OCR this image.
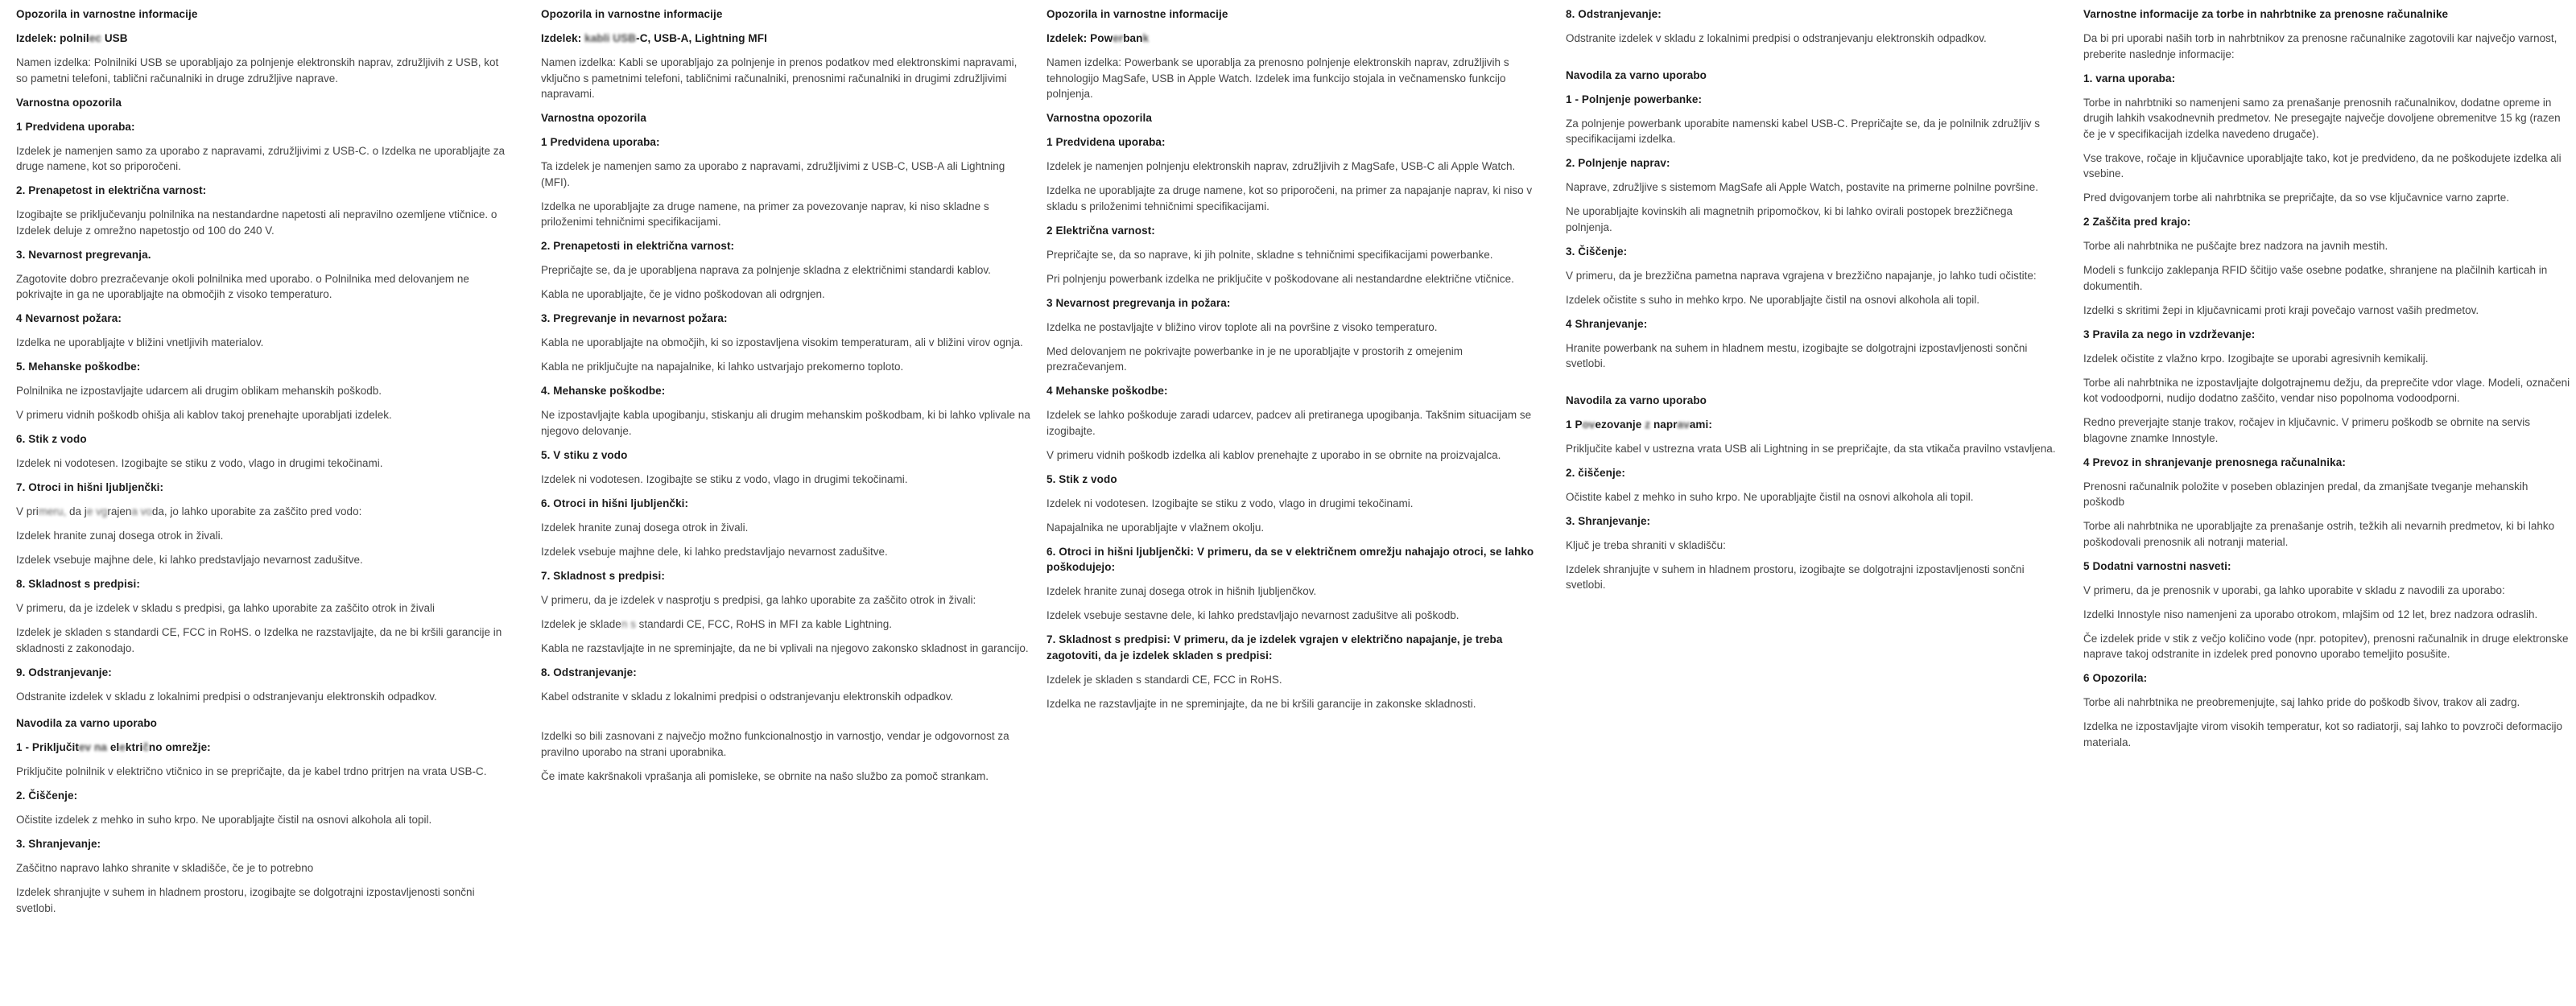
Opozorila in varnostne informacije

Izdelek: polnilec USB

Namen izdelka: Polnilniki USB se uporabljajo za polnjenje elektronskih naprav, združljivih z USB, kot so pametni telefoni, tablični računalniki in druge združljive naprave.

Varnostna opozorila

1 Predvidena uporaba:

Izdelek je namenjen samo za uporabo z napravami, združljivimi z USB-C. o Izdelka ne uporabljajte za druge namene, kot so priporočeni.

2. Prenapetost in električna varnost:

Izogibajte se priključevanju polnilnika na nestandardne napetosti ali nepravilno ozemljene vtičnice. o Izdelek deluje z omrežno napetostjo od 100 do 240 V.

3. Nevarnost pregrevanja.

Zagotovite dobro prezračevanje okoli polnilnika med uporabo. o Polnilnika med delovanjem ne pokrivajte in ga ne uporabljajte na območjih z visoko temperaturo.

4 Nevarnost požara:

Izdelka ne uporabljajte v bližini vnetljivih materialov.

5. Mehanske poškodbe:

Polnilnika ne izpostavljajte udarcem ali drugim oblikam mehanskih poškodb.

V primeru vidnih poškodb ohišja ali kablov takoj prenehajte uporabljati izdelek.

6. Stik z vodo

Izdelek ni vodotesen. Izogibajte se stiku z vodo, vlago in drugimi tekočinami.

7. Otroci in hišni ljubljenčki:

V primeru, da je vgrajena voda, jo lahko uporabite za zaščito pred vodo:

Izdelek hranite zunaj dosega otrok in živali.

Izdelek vsebuje majhne dele, ki lahko predstavljajo nevarnost zadušitve.

8. Skladnost s predpisi:

V primeru, da je izdelek v skladu s predpisi, ga lahko uporabite za zaščito otrok in živali

Izdelek je skladen s standardi CE, FCC in RoHS. o Izdelka ne razstavljajte, da ne bi kršili garancije in skladnosti z zakonodajo.

9. Odstranjevanje:

Odstranite izdelek v skladu z lokalnimi predpisi o odstranjevanju elektronskih odpadkov.

Navodila za varno uporabo

1 - Priključitev na električno omrežje:

Priključite polnilnik v električno vtičnico in se prepričajte, da je kabel trdno pritrjen na vrata USB-C.

2. Čiščenje:

Očistite izdelek z mehko in suho krpo. Ne uporabljajte čistil na osnovi alkohola ali topil.

3. Shranjevanje:

Zaščitno napravo lahko shranite v skladišče, če je to potrebno

Izdelek shranjujte v suhem in hladnem prostoru, izogibajte se dolgotrajni izpostavljenosti sončni svetlobi.

Opozorila in varnostne informacije

Izdelek: kabli USB-C, USB-A, Lightning MFI

Namen izdelka: Kabli se uporabljajo za polnjenje in prenos podatkov med elektronskimi napravami, vključno s pametnimi telefoni, tabličnimi računalniki, prenosnimi računalniki in drugimi združljivimi napravami.

Varnostna opozorila

1 Predvidena uporaba:

Ta izdelek je namenjen samo za uporabo z napravami, združljivimi z USB-C, USB-A ali Lightning (MFI).

Izdelka ne uporabljajte za druge namene, na primer za povezovanje naprav, ki niso skladne s priloženimi tehničnimi specifikacijami.

2. Prenapetosti in električna varnost:

Prepričajte se, da je uporabljena naprava za polnjenje skladna z električnimi standardi kablov.

Kabla ne uporabljajte, če je vidno poškodovan ali odrgnjen.

3. Pregrevanje in nevarnost požara:

Kabla ne uporabljajte na območjih, ki so izpostavljena visokim temperaturam, ali v bližini virov ognja.

Kabla ne priključujte na napajalnike, ki lahko ustvarjajo prekomerno toploto.

4. Mehanske poškodbe:

Ne izpostavljajte kabla upogibanju, stiskanju ali drugim mehanskim poškodbam, ki bi lahko vplivale na njegovo delovanje.

5. V stiku z vodo

Izdelek ni vodotesen. Izogibajte se stiku z vodo, vlago in drugimi tekočinami.

6. Otroci in hišni ljubljenčki:

Izdelek hranite zunaj dosega otrok in živali.

Izdelek vsebuje majhne dele, ki lahko predstavljajo nevarnost zadušitve.

7. Skladnost s predpisi:

V primeru, da je izdelek v nasprotju s predpisi, ga lahko uporabite za zaščito otrok in živali:

Izdelek je skladen s standardi CE, FCC, RoHS in MFI za kable Lightning.

Kabla ne razstavljajte in ne spreminjajte, da ne bi vplivali na njegovo zakonsko skladnost in garancijo.

8. Odstranjevanje:

Kabel odstranite v skladu z lokalnimi predpisi o odstranjevanju elektronskih odpadkov.

Izdelki so bili zasnovani z največjo možno funkcionalnostjo in varnostjo, vendar je odgovornost za pravilno uporabo na strani uporabnika.

Če imate kakršnakoli vprašanja ali pomisleke, se obrnite na našo službo za pomoč strankam.

Opozorila in varnostne informacije

Izdelek: Powerbank

Namen izdelka: Powerbank se uporablja za prenosno polnjenje elektronskih naprav, združljivih s tehnologijo MagSafe, USB in Apple Watch. Izdelek ima funkcijo stojala in večnamensko funkcijo polnjenja.

Varnostna opozorila

1 Predvidena uporaba:

Izdelek je namenjen polnjenju elektronskih naprav, združljivih z MagSafe, USB-C ali Apple Watch.

Izdelka ne uporabljajte za druge namene, kot so priporočeni, na primer za napajanje naprav, ki niso v skladu s priloženimi tehničnimi specifikacijami.

2 Električna varnost:

Prepričajte se, da so naprave, ki jih polnite, skladne s tehničnimi specifikacijami powerbanke.

Pri polnjenju powerbank izdelka ne priključite v poškodovane ali nestandardne električne vtičnice.

3 Nevarnost pregrevanja in požara:

Izdelka ne postavljajte v bližino virov toplote ali na površine z visoko temperaturo.

Med delovanjem ne pokrivajte powerbanke in je ne uporabljajte v prostorih z omejenim prezračevanjem.

4 Mehanske poškodbe:

Izdelek se lahko poškoduje zaradi udarcev, padcev ali pretiranega upogibanja. Takšnim situacijam se izogibajte.

V primeru vidnih poškodb izdelka ali kablov prenehajte z uporabo in se obrnite na proizvajalca.

5. Stik z vodo

Izdelek ni vodotesen. Izogibajte se stiku z vodo, vlago in drugimi tekočinami.

Napajalnika ne uporabljajte v vlažnem okolju.

6. Otroci in hišni ljubljenčki: V primeru, da se v električnem omrežju nahajajo otroci, se lahko poškodujejo:

Izdelek hranite zunaj dosega otrok in hišnih ljubljenčkov.

Izdelek vsebuje sestavne dele, ki lahko predstavljajo nevarnost zadušitve ali poškodb.

7. Skladnost s predpisi: V primeru, da je izdelek vgrajen v električno napajanje, je treba zagotoviti, da je izdelek skladen s predpisi:

Izdelek je skladen s standardi CE, FCC in RoHS.

Izdelka ne razstavljajte in ne spreminjajte, da ne bi kršili garancije in zakonske skladnosti.

8. Odstranjevanje:

Odstranite izdelek v skladu z lokalnimi predpisi o odstranjevanju elektronskih odpadkov.

Navodila za varno uporabo

1 - Polnjenje powerbanke:

Za polnjenje powerbank uporabite namenski kabel USB-C. Prepričajte se, da je polnilnik združljiv s specifikacijami izdelka.

2. Polnjenje naprav:

Naprave, združljive s sistemom MagSafe ali Apple Watch, postavite na primerne polnilne površine.

Ne uporabljajte kovinskih ali magnetnih pripomočkov, ki bi lahko ovirali postopek brezžičnega polnjenja.

3. Čiščenje:

V primeru, da je brezžična pametna naprava vgrajena v brezžično napajanje, jo lahko tudi očistite:

Izdelek očistite s suho in mehko krpo. Ne uporabljajte čistil na osnovi alkohola ali topil.

4 Shranjevanje:

Hranite powerbank na suhem in hladnem mestu, izogibajte se dolgotrajni izpostavljenosti sončni svetlobi.

Navodila za varno uporabo

1 Povezovanje z napravami:

Priključite kabel v ustrezna vrata USB ali Lightning in se prepričajte, da sta vtikača pravilno vstavljena.

2. čiščenje:

Očistite kabel z mehko in suho krpo. Ne uporabljajte čistil na osnovi alkohola ali topil.

3. Shranjevanje:

Ključ je treba shraniti v skladišču:

Izdelek shranjujte v suhem in hladnem prostoru, izogibajte se dolgotrajni izpostavljenosti sončni svetlobi.

Varnostne informacije za torbe in nahrbtnike za prenosne računalnike

Da bi pri uporabi naših torb in nahrbtnikov za prenosne računalnike zagotovili kar največjo varnost, preberite naslednje informacije:

1. varna uporaba:

Torbe in nahrbtniki so namenjeni samo za prenašanje prenosnih računalnikov, dodatne opreme in drugih lahkih vsakodnevnih predmetov. Ne presegajte največje dovoljene obremenitve 15 kg (razen če je v specifikacijah izdelka navedeno drugače).

Vse trakove, ročaje in ključavnice uporabljajte tako, kot je predvideno, da ne poškodujete izdelka ali vsebine.

Pred dvigovanjem torbe ali nahrbtnika se prepričajte, da so vse ključavnice varno zaprte.

2 Zaščita pred krajo:

Torbe ali nahrbtnika ne puščajte brez nadzora na javnih mestih.

Modeli s funkcijo zaklepanja RFID ščitijo vaše osebne podatke, shranjene na plačilnih karticah in dokumentih.

Izdelki s skritimi žepi in ključavnicami proti kraji povečajo varnost vaših predmetov.

3 Pravila za nego in vzdrževanje:

Izdelek očistite z vlažno krpo. Izogibajte se uporabi agresivnih kemikalij.

Torbe ali nahrbtnika ne izpostavljajte dolgotrajnemu dežju, da preprečite vdor vlage. Modeli, označeni kot vodoodporni, nudijo dodatno zaščito, vendar niso popolnoma vodoodporni.

Redno preverjajte stanje trakov, ročajev in ključavnic. V primeru poškodb se obrnite na servis blagovne znamke Innostyle.

4 Prevoz in shranjevanje prenosnega računalnika:

Prenosni računalnik položite v poseben oblazinjen predal, da zmanjšate tveganje mehanskih poškodb

Torbe ali nahrbtnika ne uporabljajte za prenašanje ostrih, težkih ali nevarnih predmetov, ki bi lahko poškodovali prenosnik ali notranji material.

5 Dodatni varnostni nasveti:

V primeru, da je prenosnik v uporabi, ga lahko uporabite v skladu z navodili za uporabo:

Izdelki Innostyle niso namenjeni za uporabo otrokom, mlajšim od 12 let, brez nadzora odraslih.

Če izdelek pride v stik z večjo količino vode (npr. potopitev), prenosni računalnik in druge elektronske naprave takoj odstranite in izdelek pred ponovno uporabo temeljito posušite.

6 Opozorila:

Torbe ali nahrbtnika ne preobremenjujte, saj lahko pride do poškodb šivov, trakov ali zadrg.

Izdelka ne izpostavljajte virom visokih temperatur, kot so radiatorji, saj lahko to povzroči deformacijo materiala.
